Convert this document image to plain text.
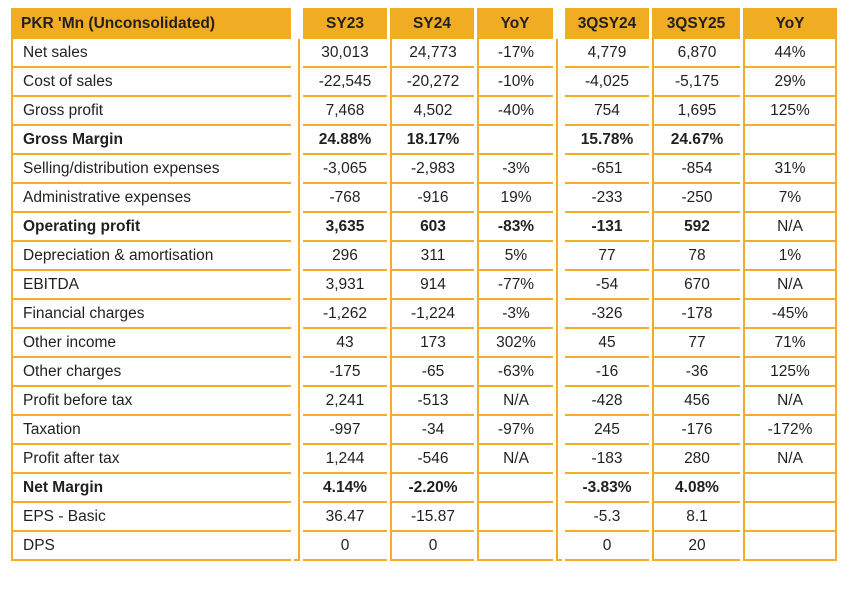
PKR 'Mn (Unconsolidated)		SY23	SY24	YoY		3QSY24	3QSY25	YoY
Net sales		30,013	24,773	-17%		4,779	6,870	44%
Cost of sales		-22,545	-20,272	-10%		-4,025	-5,175	29%
Gross profit		7,468	4,502	-40%		754	1,695	125%
Gross Margin		24.88%	18.17%			15.78%	24.67%	
Selling/distribution expenses		-3,065	-2,983	-3%		-651	-854	31%
Administrative expenses		-768	-916	19%		-233	-250	7%
Operating profit		3,635	603	-83%		-131	592	N/A
Depreciation & amortisation		296	311	5%		77	78	1%
EBITDA		3,931	914	-77%		-54	670	N/A
Financial charges		-1,262	-1,224	-3%		-326	-178	-45%
Other income		43	173	302%		45	77	71%
Other charges		-175	-65	-63%		-16	-36	125%
Profit before tax		2,241	-513	N/A		-428	456	N/A
Taxation		-997	-34	-97%		245	-176	-172%
Profit after tax		1,244	-546	N/A		-183	280	N/A
Net Margin		4.14%	-2.20%			-3.83%	4.08%	
EPS - Basic		36.47	-15.87			-5.3	8.1	
DPS		0	0			0	20	
